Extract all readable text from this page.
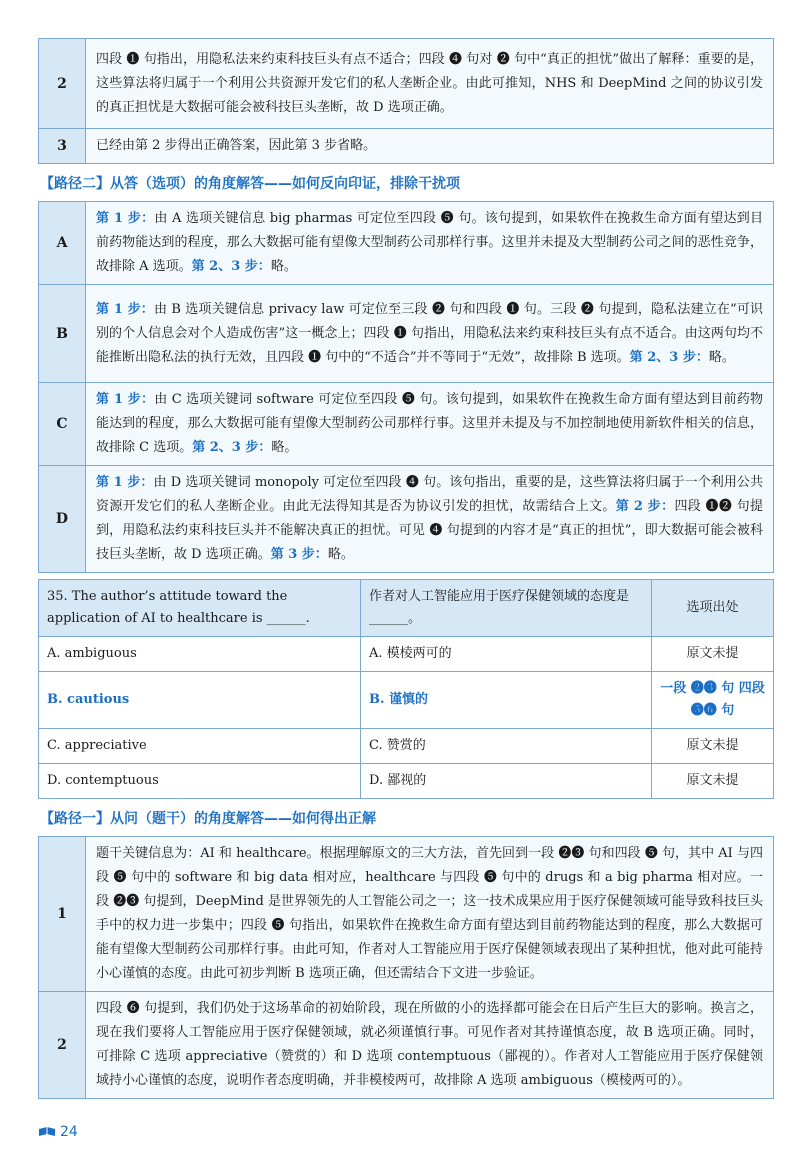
2	四段 ❶ 句指出，用隐私法来约束科技巨头有点不适合；四段 ❹ 句对 ❷ 句中“真正的担忧”做出了解释：重要的是，这些算法将归属于一个利用公共资源开发它们的私人垄断企业。由此可推知，NHS 和 DeepMind 之间的协议引发的真正担忧是大数据可能会被科技巨头垄断，故 D 选项正确。
3	已经由第 2 步得出正确答案，因此第 3 步省略。
【路径二】从答（选项）的角度解答——如何反向印证，排除干扰项
A	第 1 步：由 A 选项关键信息 big pharmas 可定位至四段 ❺ 句。该句提到，如果软件在挽救生命方面有望达到目前药物能达到的程度，那么大数据可能有望像大型制药公司那样行事。这里并未提及大型制药公司之间的恶性竞争，故排除 A 选项。第 2、3 步：略。
B	第 1 步：由 B 选项关键信息 privacy law 可定位至三段 ❷ 句和四段 ❶ 句。三段 ❷ 句提到，隐私法建立在“可识别的个人信息会对个人造成伤害”这一概念上；四段 ❶ 句指出，用隐私法来约束科技巨头有点不适合。由这两句均不能推断出隐私法的执行无效，且四段 ❶ 句中的“不适合”并不等同于“无效”，故排除 B 选项。第 2、3 步：略。
C	第 1 步：由 C 选项关键词 software 可定位至四段 ❺ 句。该句提到，如果软件在挽救生命方面有望达到目前药物能达到的程度，那么大数据可能有望像大型制药公司那样行事。这里并未提及与不加控制地使用新软件相关的信息，故排除 C 选项。第 2、3 步：略。
D	第 1 步：由 D 选项关键词 monopoly 可定位至四段 ❹ 句。该句指出，重要的是，这些算法将归属于一个利用公共资源开发它们的私人垄断企业。由此无法得知其是否为协议引发的担忧，故需结合上文。第 2 步：四段 ❶❷ 句提到，用隐私法约束科技巨头并不能解决真正的担忧。可见 ❹ 句提到的内容才是“真正的担忧”，即大数据可能会被科技巨头垄断，故 D 选项正确。第 3 步：略。
35. The author’s attitude toward the application of AI to healthcare is ______.	作者对人工智能应用于医疗保健领域的态度是______。	选项出处
A. ambiguous	A. 模棱两可的	原文未提
B. cautious	B. 谨慎的	一段 ❷❸ 句 四段 ❺❻ 句
C. appreciative	C. 赞赏的	原文未提
D. contemptuous	D. 鄙视的	原文未提
【路径一】从问（题干）的角度解答——如何得出正解
1	题干关键信息为：AI 和 healthcare。根据理解原文的三大方法，首先回到一段 ❷❸ 句和四段 ❺ 句，其中 AI 与四段 ❺ 句中的 software 和 big data 相对应，healthcare 与四段 ❺ 句中的 drugs 和 a big pharma 相对应。一段 ❷❸ 句提到，DeepMind 是世界领先的人工智能公司之一；这一技术成果应用于医疗保健领域可能导致科技巨头手中的权力进一步集中；四段 ❺ 句指出，如果软件在挽救生命方面有望达到目前药物能达到的程度，那么大数据可能有望像大型制药公司那样行事。由此可知，作者对人工智能应用于医疗保健领域表现出了某种担忧，他对此可能持小心谨慎的态度。由此可初步判断 B 选项正确，但还需结合下文进一步验证。
2	四段 ❻ 句提到，我们仍处于这场革命的初始阶段，现在所做的小的选择都可能会在日后产生巨大的影响。换言之，现在我们要将人工智能应用于医疗保健领域，就必须谨慎行事。可见作者对其持谨慎态度，故 B 选项正确。同时，可排除 C 选项 appreciative（赞赏的）和 D 选项 contemptuous（鄙视的）。作者对人工智能应用于医疗保健领域持小心谨慎的态度，说明作者态度明确，并非模棱两可，故排除 A 选项 ambiguous（模棱两可的）。
24
